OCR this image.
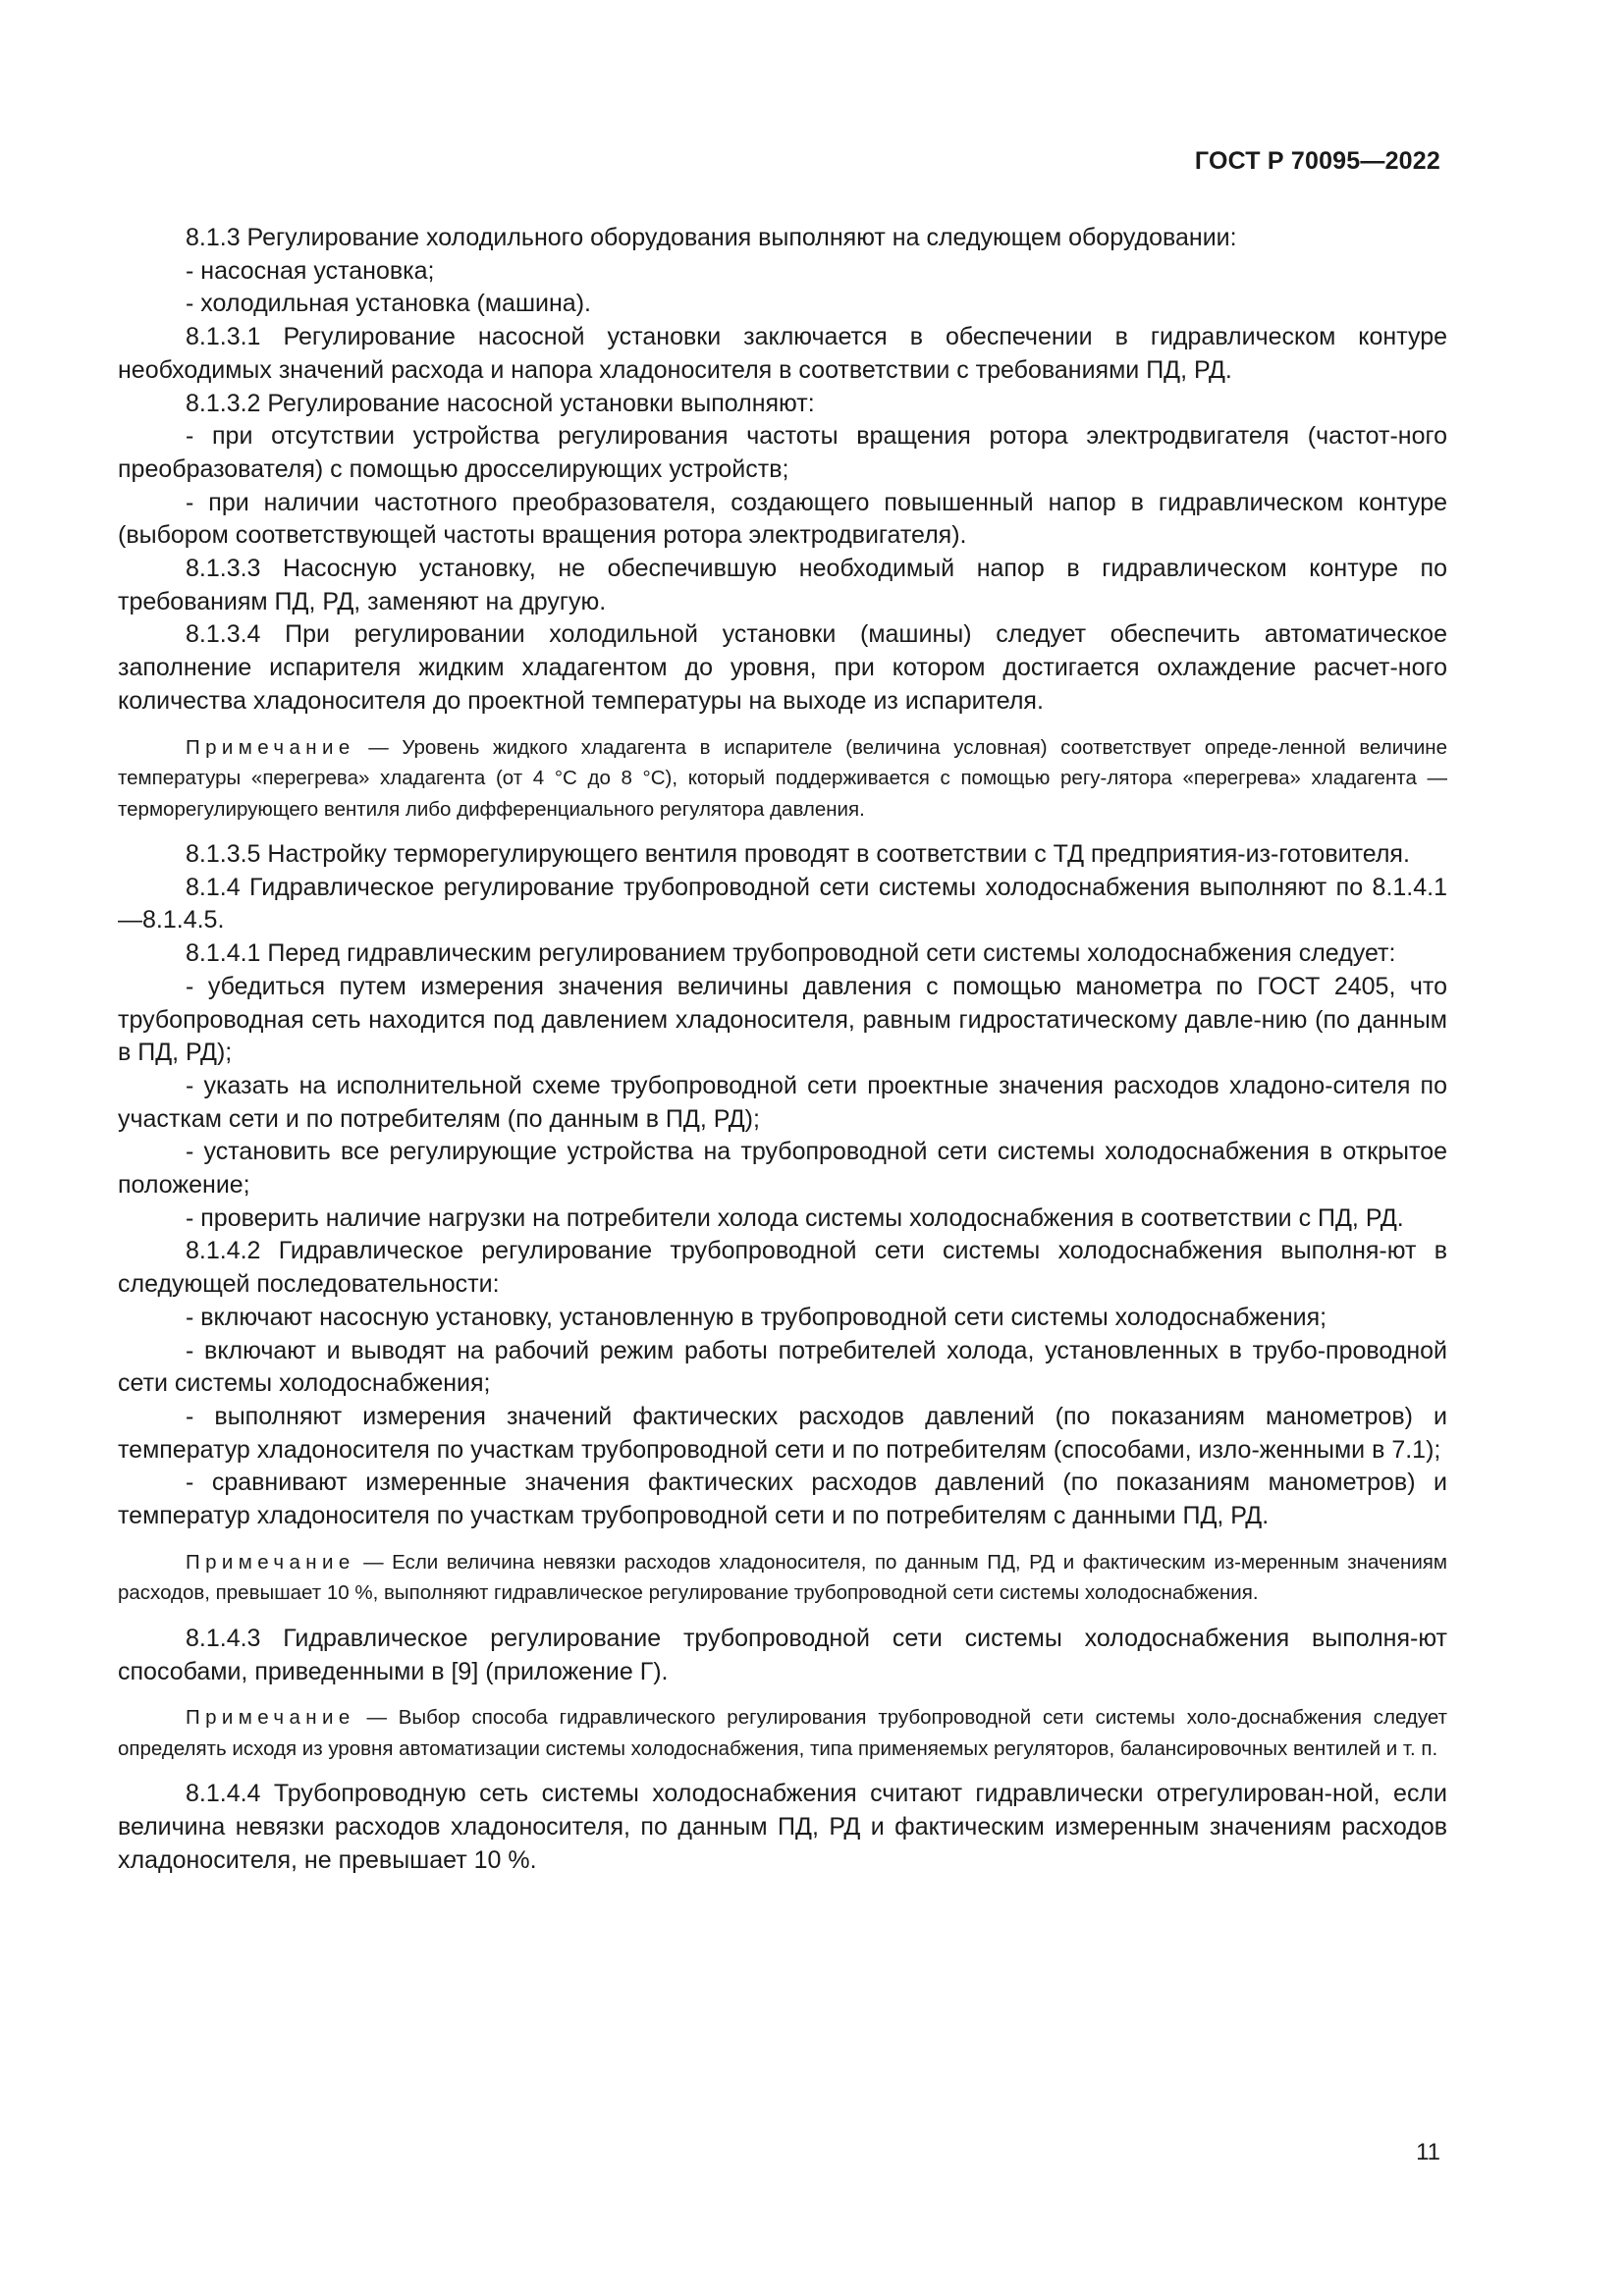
ГОСТ Р 70095—2022

8.1.3 Регулирование холодильного оборудования выполняют на следующем оборудовании:

- насосная установка;

- холодильная установка (машина).

8.1.3.1 Регулирование насосной установки заключается в обеспечении в гидравлическом контуре необходимых значений расхода и напора хладоносителя в соответствии с требованиями ПД, РД.

8.1.3.2 Регулирование насосной установки выполняют:

- при отсутствии устройства регулирования частоты вращения ротора электродвигателя (частот-ного преобразователя) с помощью дросселирующих устройств;

- при наличии частотного преобразователя, создающего повышенный напор в гидравлическом контуре (выбором соответствующей частоты вращения ротора электродвигателя).

8.1.3.3 Насосную установку, не обеспечившую необходимый напор в гидравлическом контуре по требованиям ПД, РД, заменяют на другую.

8.1.3.4 При регулировании холодильной установки (машины) следует обеспечить автоматическое заполнение испарителя жидким хладагентом до уровня, при котором достигается охлаждение расчет-ного количества хладоносителя до проектной температуры на выходе из испарителя.

Примечание — Уровень жидкого хладагента в испарителе (величина условная) соответствует опреде-ленной величине температуры «перегрева» хладагента (от 4 °C до 8 °C), который поддерживается с помощью регу-лятора «перегрева» хладагента — терморегулирующего вентиля либо дифференциального регулятора давления.

8.1.3.5 Настройку терморегулирующего вентиля проводят в соответствии с ТД предприятия-из-готовителя.

8.1.4 Гидравлическое регулирование трубопроводной сети системы холодоснабжения выполняют по 8.1.4.1—8.1.4.5.

8.1.4.1 Перед гидравлическим регулированием трубопроводной сети системы холодоснабжения следует:

- убедиться путем измерения значения величины давления с помощью манометра по ГОСТ 2405, что трубопроводная сеть находится под давлением хладоносителя, равным гидростатическому давле-нию (по данным в ПД, РД);

- указать на исполнительной схеме трубопроводной сети проектные значения расходов хладоно-сителя по участкам сети и по потребителям (по данным в ПД, РД);

- установить все регулирующие устройства на трубопроводной сети системы холодоснабжения в открытое положение;

- проверить наличие нагрузки на потребители холода системы холодоснабжения в соответствии с ПД, РД.

8.1.4.2 Гидравлическое регулирование трубопроводной сети системы холодоснабжения выполня-ют в следующей последовательности:

- включают насосную установку, установленную в трубопроводной сети системы холодоснабжения;

- включают и выводят на рабочий режим работы потребителей холода, установленных в трубо-проводной сети системы холодоснабжения;

- выполняют измерения значений фактических расходов давлений (по показаниям манометров) и температур хладоносителя по участкам трубопроводной сети и по потребителям (способами, изло-женными в 7.1);

- сравнивают измеренные значения фактических расходов давлений (по показаниям манометров) и температур хладоносителя по участкам трубопроводной сети и по потребителям с данными ПД, РД.

Примечание — Если величина невязки расходов хладоносителя, по данным ПД, РД и фактическим из-меренным значениям расходов, превышает 10 %, выполняют гидравлическое регулирование трубопроводной сети системы холодоснабжения.

8.1.4.3 Гидравлическое регулирование трубопроводной сети системы холодоснабжения выполня-ют способами, приведенными в [9] (приложение Г).

Примечание — Выбор способа гидравлического регулирования трубопроводной сети системы холо-доснабжения следует определять исходя из уровня автоматизации системы холодоснабжения, типа применяемых регуляторов, балансировочных вентилей и т. п.

8.1.4.4 Трубопроводную сеть системы холодоснабжения считают гидравлически отрегулирован-ной, если величина невязки расходов хладоносителя, по данным ПД, РД и фактическим измеренным значениям расходов хладоносителя, не превышает 10 %.

11
